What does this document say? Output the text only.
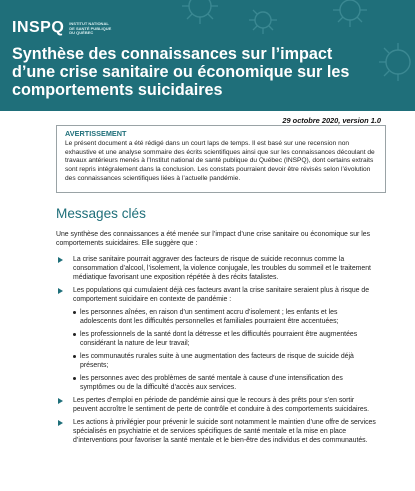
INSPQ INSTITUT NATIONAL DE SANTÉ PUBLIQUE DU QUÉBEC
Synthèse des connaissances sur l’impact d’une crise sanitaire ou économique sur les comportements suicidaires
29 octobre 2020, version 1.0
AVERTISSEMENT

Le présent document a été rédigé dans un court laps de temps. Il est basé sur une recension non exhaustive et une analyse sommaire des écrits scientifiques ainsi que sur les connaissances découlant de travaux antérieurs menés à l’Institut national de santé publique du Québec (INSPQ), dont certains extraits sont repris intégralement dans la conclusion. Les constats pourraient devoir être révisés selon l’évolution des connaissances scientifiques liées à l’actuelle pandémie.

Messages clés

Une synthèse des connaissances a été menée sur l’impact d’une crise sanitaire ou économique sur les comportements suicidaires. Elle suggère que :

La crise sanitaire pourrait aggraver des facteurs de risque de suicide reconnus comme la consommation d’alcool, l’isolement, la violence conjugale, les troubles du sommeil et le traitement médiatique favorisant une exposition répétée à des récits fatalistes.
Les populations qui cumulaient déjà ces facteurs avant la crise sanitaire seraient plus à risque de comportement suicidaire en contexte de pandémie :
les personnes aînées, en raison d’un sentiment accru d’isolement ; les enfants et les adolescents dont les difficultés personnelles et familiales pourraient être accentuées;
les professionnels de la santé dont la détresse et les difficultés pourraient être augmentées considérant la nature de leur travail;
les communautés rurales suite à une augmentation des facteurs de risque de suicide déjà présents;
les personnes avec des problèmes de santé mentale à cause d’une intensification des symptômes ou de la difficulté d’accès aux services.
Les pertes d’emploi en période de pandémie ainsi que le recours à des prêts pour s’en sortir peuvent accroître le sentiment de perte de contrôle et conduire à des comportements suicidaires.
Les actions à privilégier pour prévenir le suicide sont notamment le maintien d’une offre de services spécialisés en psychiatrie et de services spécifiques de santé mentale et la mise en place d’interventions pour favoriser la santé mentale et le bien-être des individus et des communautés.
